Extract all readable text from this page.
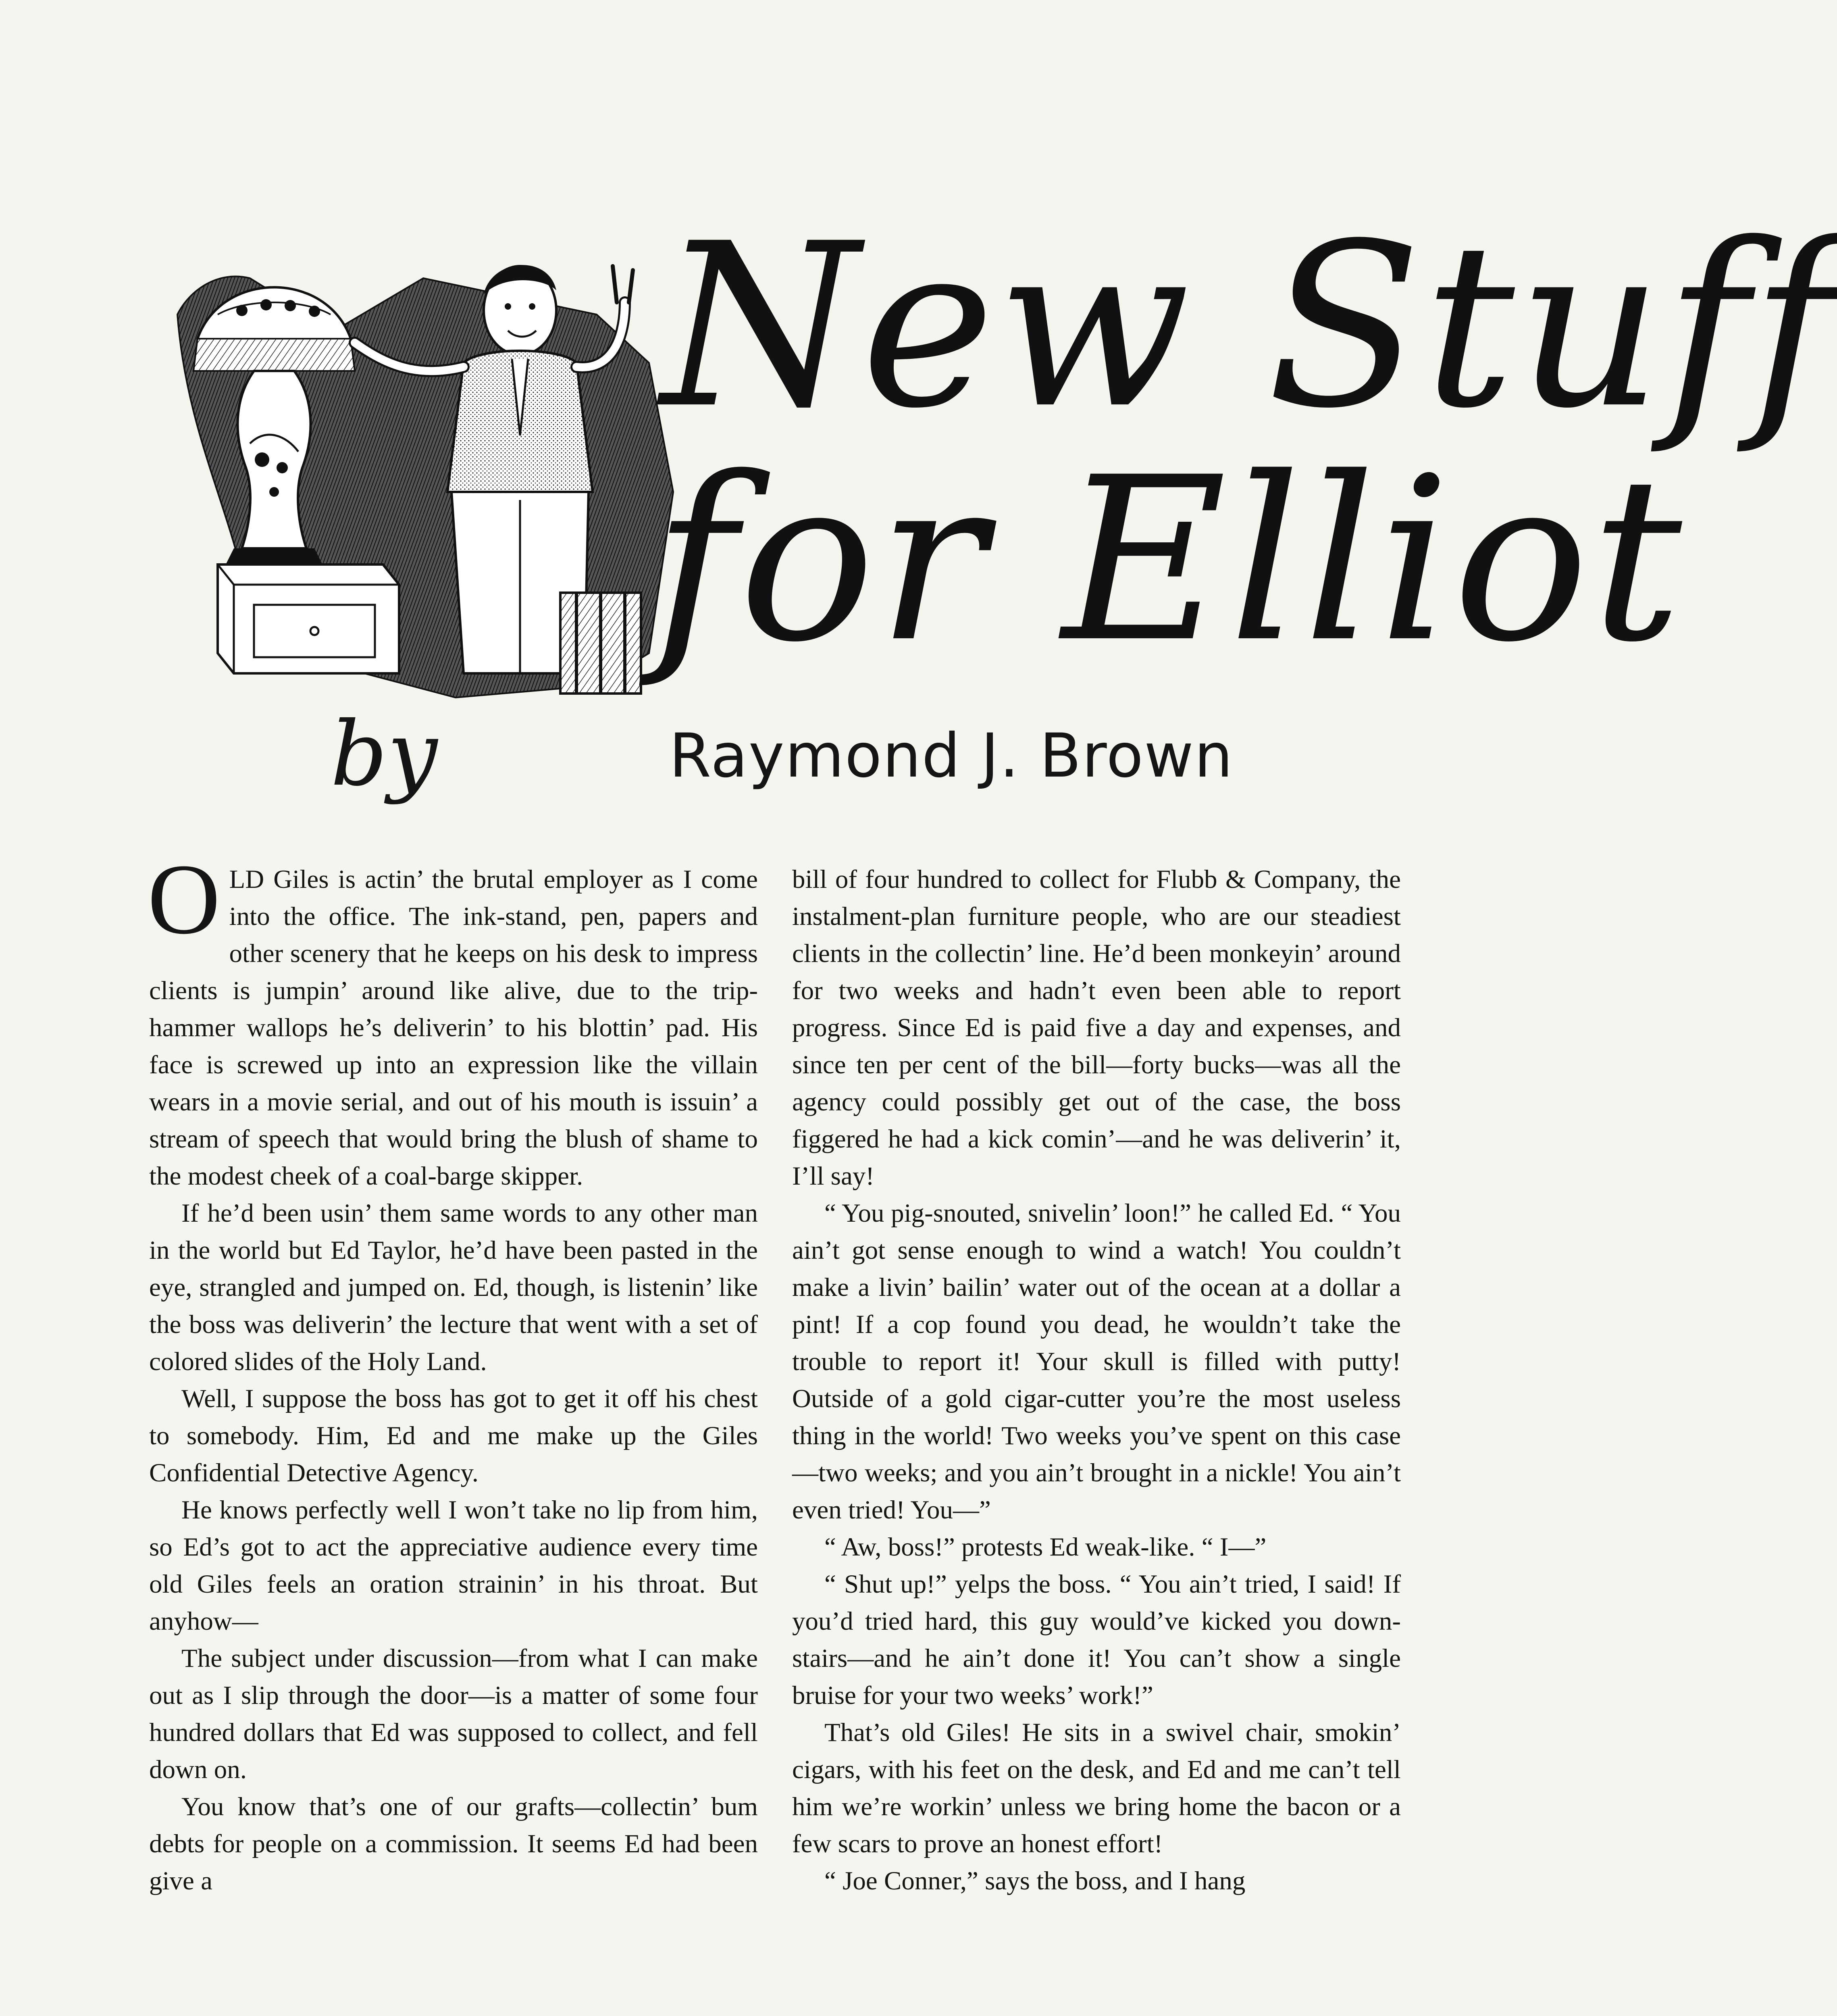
New Stuff
for Elliot
by	Raymond J. Brown

OLD Giles is actin’ the brutal employer as I come into the office. The ink-stand, pen, papers and other scenery that he keeps on his desk to impress clients is jumpin’ around like alive, due to the trip-hammer wallops he’s deliverin’ to his blottin’ pad. His face is screwed up into an expression like the villain wears in a movie serial, and out of his mouth is issuin’ a stream of speech that would bring the blush of shame to the modest cheek of a coal-barge skipper.

If he’d been usin’ them same words to any other man in the world but Ed Taylor, he’d have been pasted in the eye, strangled and jumped on. Ed, though, is listenin’ like the boss was deliverin’ the lecture that went with a set of colored slides of the Holy Land.

Well, I suppose the boss has got to get it off his chest to somebody. Him, Ed and me make up the Giles Confidential Detective Agency.

He knows perfectly well I won’t take no lip from him, so Ed’s got to act the appreciative audience every time old Giles feels an oration strainin’ in his throat. But anyhow—

The subject under discussion—from what I can make out as I slip through the door—is a matter of some four hundred dollars that Ed was supposed to collect, and fell down on.

You know that’s one of our grafts—collectin’ bum debts for people on a commission. It seems Ed had been give a

bill of four hundred to collect for Flubb & Company, the instalment-plan furniture people, who are our steadiest clients in the collectin’ line. He’d been monkeyin’ around for two weeks and hadn’t even been able to report progress. Since Ed is paid five a day and expenses, and since ten per cent of the bill—forty bucks—was all the agency could possibly get out of the case, the boss figgered he had a kick comin’—and he was deliverin’ it, I’ll say!

“ You pig-snouted, snivelin’ loon!” he called Ed. “ You ain’t got sense enough to wind a watch! You couldn’t make a livin’ bailin’ water out of the ocean at a dollar a pint! If a cop found you dead, he wouldn’t take the trouble to report it! Your skull is filled with putty! Outside of a gold cigar-cutter you’re the most useless thing in the world! Two weeks you’ve spent on this case—two weeks; and you ain’t brought in a nickle! You ain’t even tried! You—”

“ Aw, boss!” protests Ed weak-like. “ I—”

“ Shut up!” yelps the boss. “ You ain’t tried, I said! If you’d tried hard, this guy would’ve kicked you down-stairs—and he ain’t done it! You can’t show a single bruise for your two weeks’ work!”

That’s old Giles! He sits in a swivel chair, smokin’ cigars, with his feet on the desk, and Ed and me can’t tell him we’re workin’ unless we bring home the bacon or a few scars to prove an honest effort!

“ Joe Conner,” says the boss, and I hang
